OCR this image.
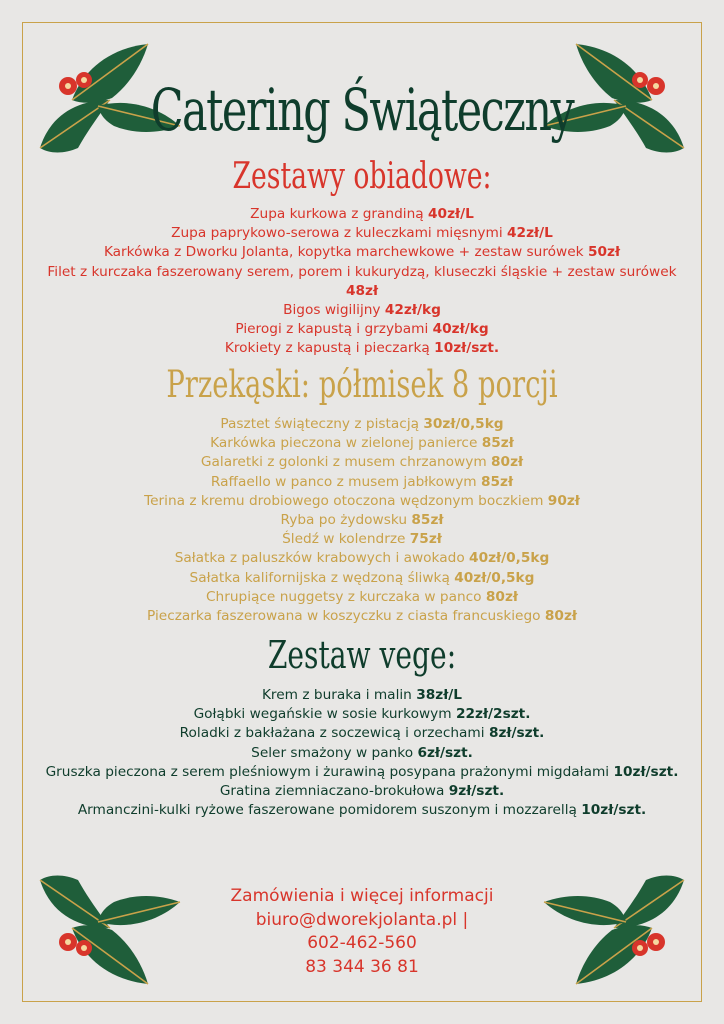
Catering Świąteczny
Zestawy obiadowe:
Zupa kurkowa z grandiną 40zł/L
Zupa paprykowo-serowa z kuleczkami mięsnymi 42zł/L
Karkówka z Dworku Jolanta, kopytka marchewkowe + zestaw surówek 50zł
Filet z kurczaka faszerowany serem, porem i kukurydzą, kluseczki śląskie + zestaw surówek 48zł
Bigos wigilijny 42zł/kg
Pierogi z kapustą i grzybami 40zł/kg
Krokiety z kapustą i pieczarką 10zł/szt.
Przekąski: półmisek 8 porcji
Pasztet świąteczny z pistacją 30zł/0,5kg
Karkówka pieczona w zielonej panierce 85zł
Galaretki z golonki z musem chrzanowym 80zł
Raffaello w panco z musem jabłkowym 85zł
Terina z kremu drobiowego otoczona wędzonym boczkiem 90zł
Ryba po żydowsku 85zł
Śledź w kolendrze 75zł
Sałatka z paluszków krabowych i awokado 40zł/0,5kg
Sałatka kalifornijska z wędzoną śliwką 40zł/0,5kg
Chrupiące nuggetsy z kurczaka w panco 80zł
Pieczarka faszerowana w koszyczku z ciasta francuskiego 80zł
Zestaw vege:
Krem z buraka i malin 38zł/L
Gołąbki wegańskie w sosie kurkowym 22zł/2szt.
Roladki z bakłażana z soczewicą i orzechami 8zł/szt.
Seler smażony w panko 6zł/szt.
Gruszka pieczona z serem pleśniowym i żurawiną posypana prażonymi migdałami 10zł/szt.
Gratina ziemniaczano-brokułowa 9zł/szt.
Armanczini-kulki ryżowe faszerowane pomidorem suszonym i mozzarellą 10zł/szt.
Zamówienia i więcej informacji
biuro@dworekjolanta.pl |
602-462-560
83 344 36 81
